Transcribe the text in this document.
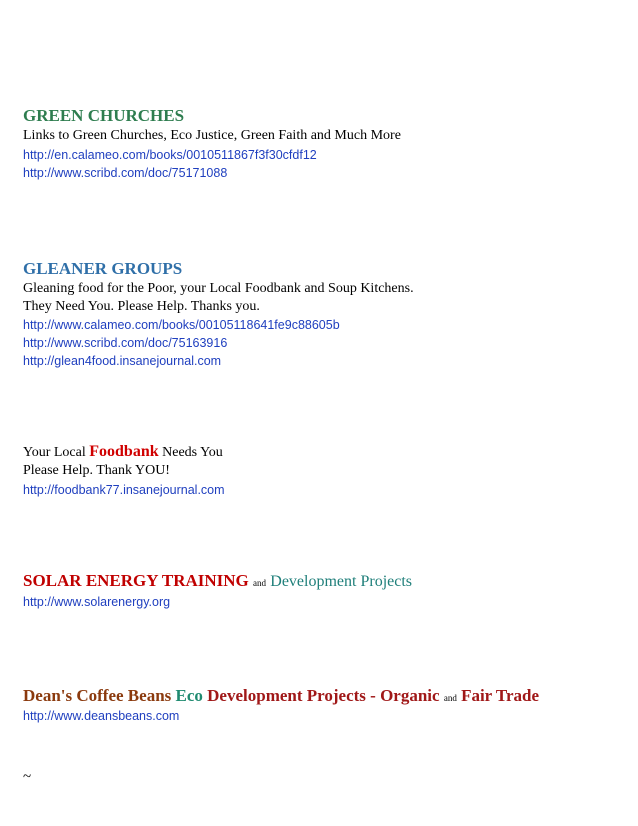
GREEN CHURCHES
Links to Green Churches, Eco Justice, Green Faith and Much More
http://en.calameo.com/books/0010511867f3f30cfdf12
http://www.scribd.com/doc/75171088
GLEANER GROUPS
Gleaning food for the Poor, your Local Foodbank and Soup Kitchens.
They Need You. Please Help. Thanks you.
http://www.calameo.com/books/00105118641fe9c88605b
http://www.scribd.com/doc/75163916
http://glean4food.insanejournal.com
Your Local Foodbank Needs You
Please Help. Thank YOU!
http://foodbank77.insanejournal.com
SOLAR ENERGY TRAINING and Development Projects
http://www.solarenergy.org
Dean's Coffee Beans Eco Development Projects - Organic and Fair Trade
http://www.deansbeans.com
~
